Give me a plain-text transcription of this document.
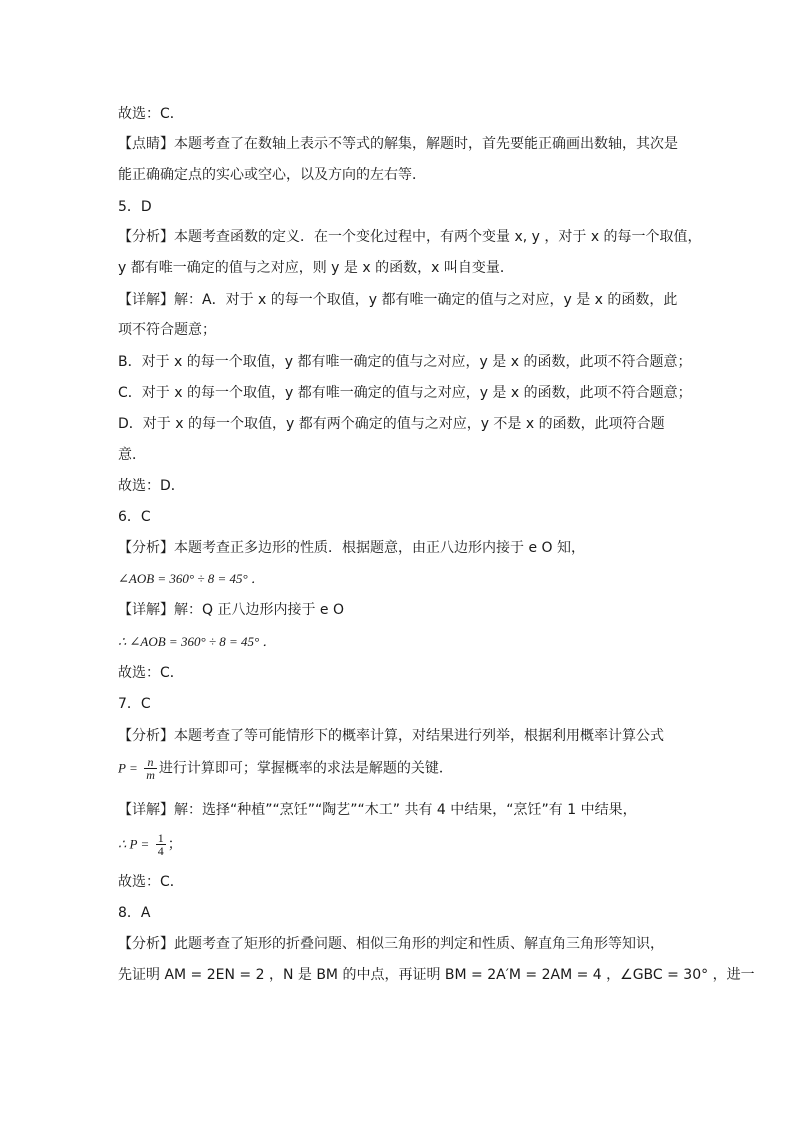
故选：C．
【点睛】本题考查了在数轴上表示不等式的解集，解题时，首先要能正确画出数轴，其次是
能正确确定点的实心或空心，以及方向的左右等．
5．D
【分析】本题考查函数的定义．在一个变化过程中，有两个变量 x, y ，对于 x 的每一个取值，
y 都有唯一确定的值与之对应，则 y 是 x 的函数，x 叫自变量．
【详解】解：A．对于 x 的每一个取值，y 都有唯一确定的值与之对应，y 是 x 的函数，此
项不符合题意；
B．对于 x 的每一个取值，y 都有唯一确定的值与之对应，y 是 x 的函数，此项不符合题意；
C．对于 x 的每一个取值，y 都有唯一确定的值与之对应，y 是 x 的函数，此项不符合题意；
D．对于 x 的每一个取值，y 都有两个确定的值与之对应，y 不是 x 的函数，此项符合题
意．
故选：D．
6．C
【分析】本题考查正多边形的性质．根据题意，由正八边形内接于 e O 知，
∠AOB = 360° ÷ 8 = 45° ．
【详解】解：Q 正八边形内接于 e O
∴ ∠AOB = 360° ÷ 8 = 45° ．
故选：C．
7．C
【分析】本题考查了等可能情形下的概率计算，对结果进行列举，根据利用概率计算公式
$P = \frac{n}{m}$ 进行计算即可；掌握概率的求法是解题的关键．
【详解】解：选择“种植”“烹饪”“陶艺”“木工” 共有 4 中结果，“烹饪”有 1 中结果，
∴ $P = \frac{1}{4}$ ；
故选：C．
8．A
【分析】此题考查了矩形的折叠问题、相似三角形的判定和性质、解直角三角形等知识，
先证明 AM = 2EN = 2 ，N 是 BM 的中点，再证明 BM = 2A′M = 2AM = 4 ，∠GBC = 30° ，进一
